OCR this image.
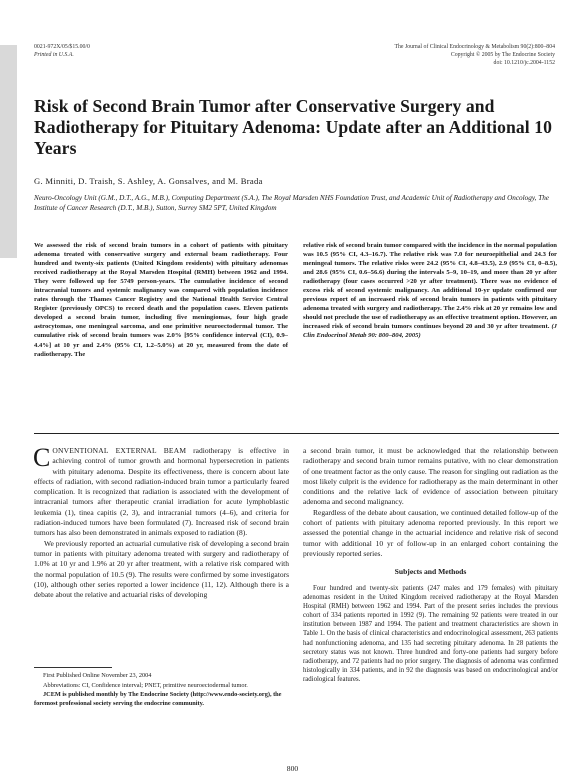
0021-972X/05/$15.00/0
Printed in U.S.A.
The Journal of Clinical Endocrinology & Metabolism 90(2):800–804
Copyright © 2005 by The Endocrine Society
doi: 10.1210/jc.2004-1152
Risk of Second Brain Tumor after Conservative Surgery and Radiotherapy for Pituitary Adenoma: Update after an Additional 10 Years
G. Minniti, D. Traish, S. Ashley, A. Gonsalves, and M. Brada
Neuro-Oncology Unit (G.M., D.T., A.G., M.B.), Computing Department (S.A.), The Royal Marsden NHS Foundation Trust, and Academic Unit of Radiotherapy and Oncology, The Institute of Cancer Research (D.T., M.B.), Sutton, Surrey SM2 5PT, United Kingdom
We assessed the risk of second brain tumors in a cohort of patients with pituitary adenoma treated with conservative surgery and external beam radiotherapy. Four hundred and twenty-six patients (United Kingdom residents) with pituitary adenomas received radiotherapy at the Royal Marsden Hospital (RMH) between 1962 and 1994. They were followed up for 5749 person-years. The cumulative incidence of second intracranial tumors and systemic malignancy was compared with population incidence rates through the Thames Cancer Registry and the National Health Service Central Register (previously OPCS) to record death and the population cases. Eleven patients developed a second brain tumor, including five meningiomas, four high grade astrocytomas, one meningeal sarcoma, and one primitive neuroectodermal tumor. The cumulative risk of second brain tumors was 2.0% [95% confidence interval (CI), 0.9–4.4%] at 10 yr and 2.4% (95% CI, 1.2–5.0%) at 20 yr, measured from the date of radiotherapy. The
relative risk of second brain tumor compared with the incidence in the normal population was 10.5 (95% CI, 4.3–16.7). The relative risk was 7.0 for neuroepithelial and 24.3 for meningeal tumors. The relative risks were 24.2 (95% CI, 4.8–43.5), 2.9 (95% CI, 0–8.5), and 28.6 (95% CI, 0.6–56.6) during the intervals 5–9, 10–19, and more than 20 yr after radiotherapy (four cases occurred >20 yr after treatment). There was no evidence of excess risk of second systemic malignancy. An additional 10-yr update confirmed our previous report of an increased risk of second brain tumors in patients with pituitary adenoma treated with surgery and radiotherapy. The 2.4% risk at 20 yr remains low and should not preclude the use of radiotherapy as an effective treatment option. However, an increased risk of second brain tumors continues beyond 20 and 30 yr after treatment. (J Clin Endocrinol Metab 90: 800–804, 2005)

CONVENTIONAL EXTERNAL BEAM radiotherapy is effective in achieving control of tumor growth and hormonal hypersecretion in patients with pituitary adenoma. Despite its effectiveness, there is concern about late effects of radiation, with second radiation-induced brain tumor a particularly feared complication. It is recognized that radiation is associated with the development of intracranial tumors after therapeutic cranial irradiation for acute lymphoblastic leukemia (1), tinea capitis (2, 3), and intracranial tumors (4–6), and criteria for radiation-induced tumors have been formulated (7). Increased risk of second brain tumors has also been demonstrated in animals exposed to radiation (8).

We previously reported an actuarial cumulative risk of developing a second brain tumor in patients with pituitary adenoma treated with surgery and radiotherapy of 1.0% at 10 yr and 1.9% at 20 yr after treatment, with a relative risk compared with the normal population of 10.5 (9). The results were confirmed by some investigators (10), although other series reported a lower incidence (11, 12). Although there is a debate about the relative and actuarial risks of developing

a second brain tumor, it must be acknowledged that the relationship between radiotherapy and second brain tumor remains putative, with no clear demonstration of one treatment factor as the only cause. The reason for singling out radiation as the most likely culprit is the evidence for radiotherapy as the main determinant in other conditions and the relative lack of evidence of association between pituitary adenoma and second malignancy.

Regardless of the debate about causation, we continued detailed follow-up of the cohort of patients with pituitary adenoma reported previously. In this report we assessed the potential change in the actuarial incidence and relative risk of second tumor with additional 10 yr of follow-up in an enlarged cohort containing the previously reported series.

Subjects and Methods

Four hundred and twenty-six patients (247 males and 179 females) with pituitary adenomas resident in the United Kingdom received radiotherapy at the Royal Marsden Hospital (RMH) between 1962 and 1994. Part of the present series includes the previous cohort of 334 patients reported in 1992 (9). The remaining 92 patients were treated in our institution between 1987 and 1994. The patient and treatment characteristics are shown in Table 1. On the basis of clinical characteristics and endocrinological assessment, 263 patients had nonfunctioning adenoma, and 135 had secreting pituitary adenoma. In 28 patients the secretory status was not known. Three hundred and forty-one patients had surgery before radiotherapy, and 72 patients had no prior surgery. The diagnosis of adenoma was confirmed histologically in 334 patients, and in 92 the diagnosis was based on endocrinological and/or radiological features.

First Published Online November 23, 2004

Abbreviations: CI, Confidence interval; PNET, primitive neuroectodermal tumor.

JCEM is published monthly by The Endocrine Society (http://www.endo-society.org), the foremost professional society serving the endocrine community.

800
